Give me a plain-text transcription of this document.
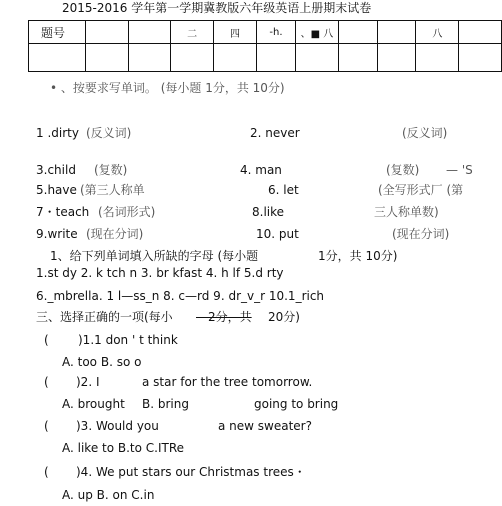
2015-2016 学年第一学期冀教版六年级英语上册期末试卷
题号			二	四	-h.	、■ 八			八	

• 、按要求写单词。 (每小题 1分，共 10分)
1 .dirty (反义词)	2. never	(反义词)
3.child (复数)	4. man	(复数) — 'S
5.have (第三人称单	6. let	(全写形式厂 (第
7・teach (名词形式)	8.like	三人称单数)
9.write (现在分词)	10. put	(现在分词)
1、给下列单词填入所缺的字母 (每小题	1分，共 10分)
1.st dy 2. k tch n 3. br kfast 4. h lf 5.d rty
6._mbrella. 1 l—ss_n 8. c—rd 9. dr_v_r 10.1_rich
三、选择正确的一项(每小 —2分，共 20分)
( )1.1 don ' t think
A. too B. so o
( )2. I	a star for the tree tomorrow.
A. brought B. bring	going to bring
( )3. Would you	a new sweater?
A. like to B.to C.ITRe
( )4. We put stars our Christmas trees・
A. up B. on C.in
